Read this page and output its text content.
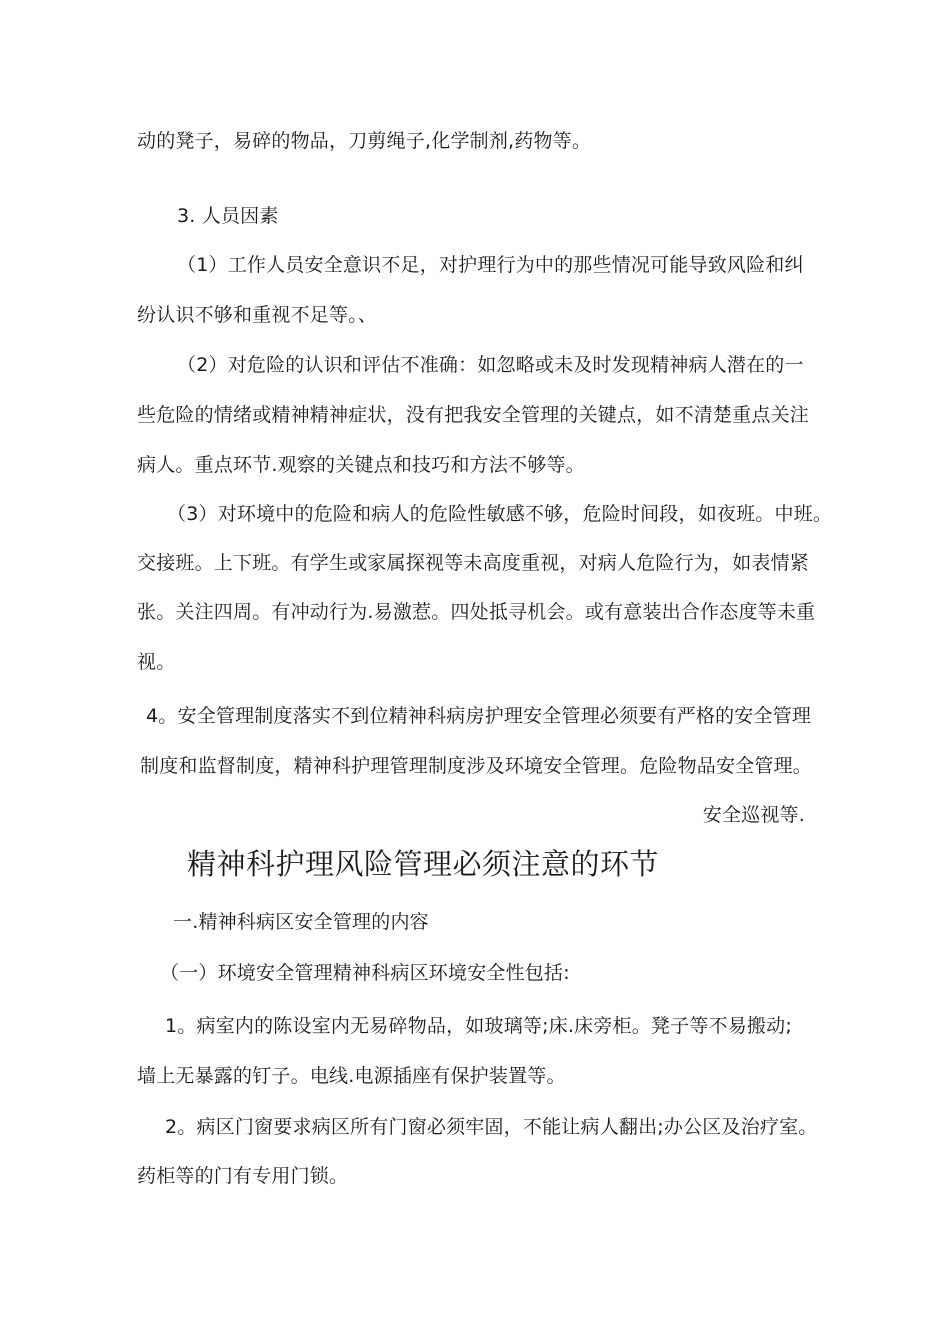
动的凳子，易碎的物品，刀剪绳子,化学制剂,药物等。
3. 人员因素
（1）工作人员安全意识不足，对护理行为中的那些情况可能导致风险和纠
纷认识不够和重视不足等。、
（2）对危险的认识和评估不准确：如忽略或未及时发现精神病人潜在的一
些危险的情绪或精神精神症状，没有把我安全管理的关键点，如不清楚重点关注
病人。重点环节.观察的关键点和技巧和方法不够等。
（3）对环境中的危险和病人的危险性敏感不够，危险时间段，如夜班。中班。
交接班。上下班。有学生或家属探视等未高度重视，对病人危险行为，如表情紧
张。关注四周。有冲动行为.易激惹。四处抵寻机会。或有意装出合作态度等未重
视。
4。安全管理制度落实不到位精神科病房护理安全管理必须要有严格的安全管理
制度和监督制度，精神科护理管理制度涉及环境安全管理。危险物品安全管理。
安全巡视等.
精神科护理风险管理必须注意的环节
一.精神科病区安全管理的内容
（一）环境安全管理精神科病区环境安全性包括:
1。病室内的陈设室内无易碎物品，如玻璃等;床.床旁柜。凳子等不易搬动;
墙上无暴露的钉子。电线.电源插座有保护装置等。
2。病区门窗要求病区所有门窗必须牢固，不能让病人翻出;办公区及治疗室。
药柜等的门有专用门锁。
